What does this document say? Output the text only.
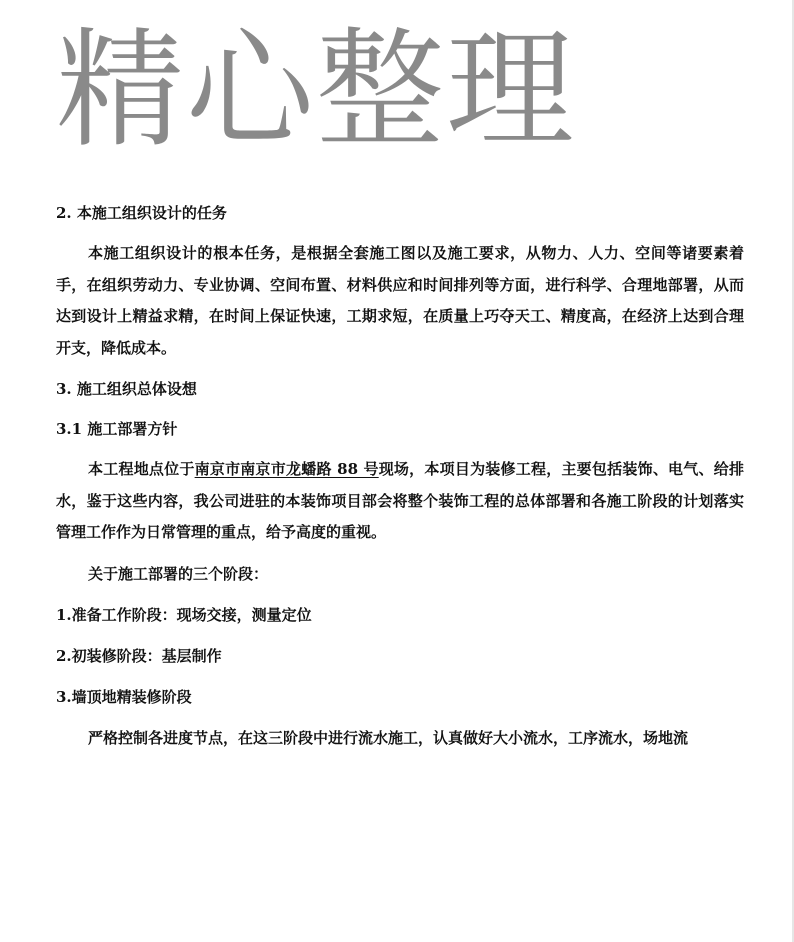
精心整理
2. 本施工组织设计的任务
本施工组织设计的根本任务，是根据全套施工图以及施工要求，从物力、人力、空间等诸要素着手，在组织劳动力、专业协调、空间布置、材料供应和时间排列等方面，进行科学、合理地部署，从而达到设计上精益求精，在时间上保证快速，工期求短，在质量上巧夺天工、精度高，在经济上达到合理开支，降低成本。
3. 施工组织总体设想
3.1 施工部署方针
本工程地点位于南京市南京市龙蟠路 88 号现场，本项目为装修工程，主要包括装饰、电气、给排水，鉴于这些内容，我公司进驻的本装饰项目部会将整个装饰工程的总体部署和各施工阶段的计划落实管理工作作为日常管理的重点，给予高度的重视。
关于施工部署的三个阶段：
1.准备工作阶段：现场交接，测量定位
2.初装修阶段：基层制作
3.墙顶地精装修阶段
严格控制各进度节点，在这三阶段中进行流水施工，认真做好大小流水，工序流水，场地流
